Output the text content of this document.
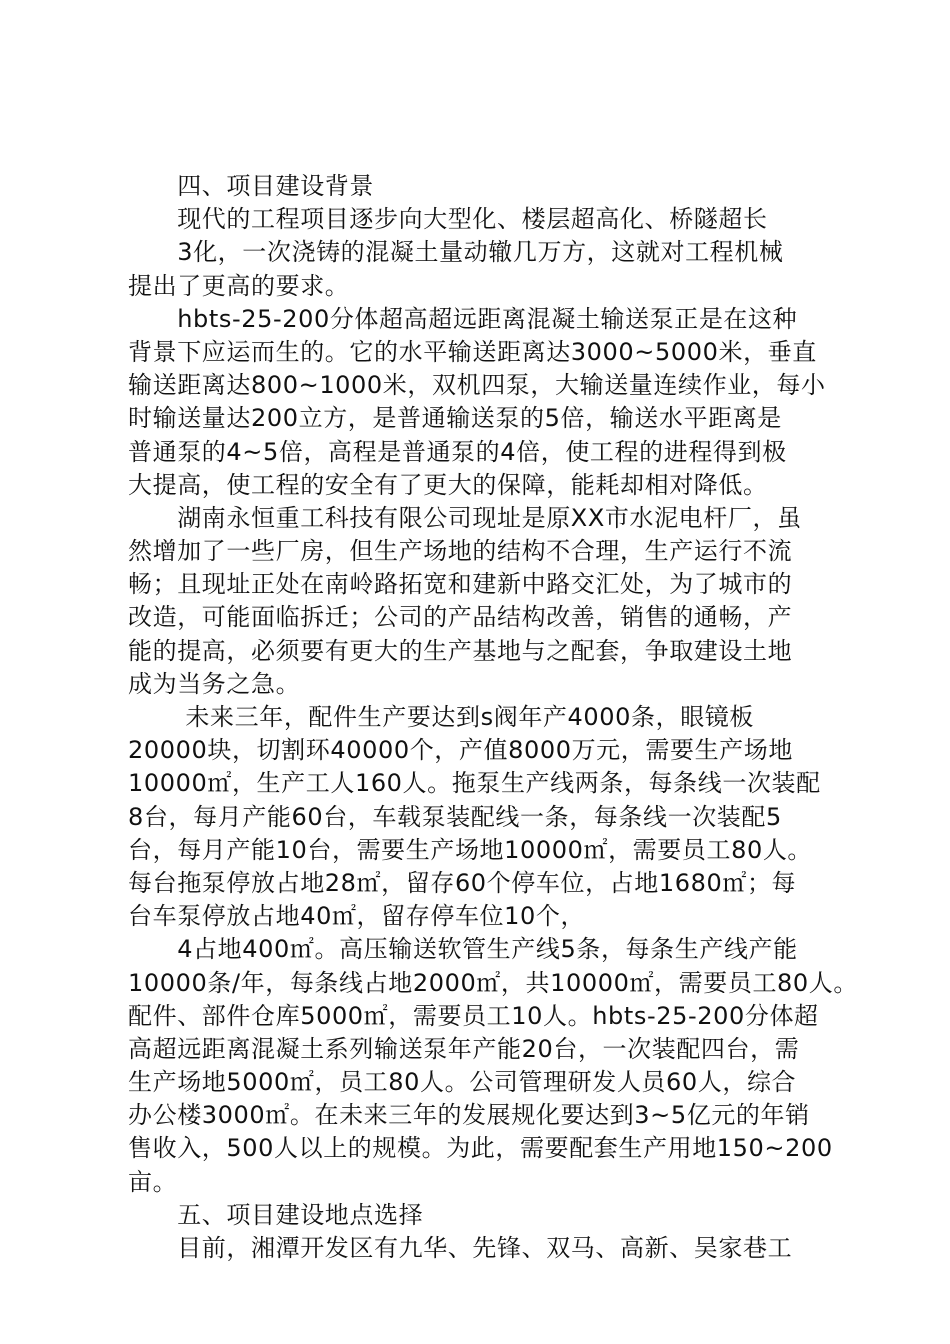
　　四、项目建设背景
　　现代的工程项目逐步向大型化、楼层超高化、桥隧超长
　　3化，一次浇铸的混凝土量动辙几万方，这就对工程机械
提出了更高的要求。
　　hbts-25-200分体超高超远距离混凝土输送泵正是在这种
背景下应运而生的。它的水平输送距离达3000~5000米，垂直
输送距离达800~1000米，双机四泵，大输送量连续作业，每小
时输送量达200立方，是普通输送泵的5倍，输送水平距离是
普通泵的4~5倍，高程是普通泵的4倍，使工程的进程得到极
大提高，使工程的安全有了更大的保障，能耗却相对降低。
　　湖南永恒重工科技有限公司现址是原XX市水泥电杆厂，虽
然增加了一些厂房，但生产场地的结构不合理，生产运行不流
畅；且现址正处在南岭路拓宽和建新中路交汇处，为了城市的
改造，可能面临拆迁；公司的产品结构改善，销售的通畅，产
能的提高，必须要有更大的生产基地与之配套，争取建设土地
成为当务之急。
　　 未来三年，配件生产要达到s阀年产4000条，眼镜板
20000块，切割环40000个，产值8000万元，需要生产场地
10000㎡，生产工人160人。拖泵生产线两条，每条线一次装配
8台，每月产能60台，车载泵装配线一条，每条线一次装配5
台，每月产能10台，需要生产场地10000㎡，需要员工80人。
每台拖泵停放占地28㎡，留存60个停车位，占地1680㎡；每
台车泵停放占地40㎡，留存停车位10个，
　　4占地400㎡。高压输送软管生产线5条，每条生产线产能
10000条/年，每条线占地2000㎡，共10000㎡，需要员工80人。
配件、部件仓库5000㎡，需要员工10人。hbts-25-200分体超
高超远距离混凝土系列输送泵年产能20台，一次装配四台，需
生产场地5000㎡，员工80人。公司管理研发人员60人，综合
办公楼3000㎡。在未来三年的发展规化要达到3~5亿元的年销
售收入，500人以上的规模。为此，需要配套生产用地150~200
亩。
　　五、项目建设地点选择
　　目前，湘潭开发区有九华、先锋、双马、高新、吴家巷工
